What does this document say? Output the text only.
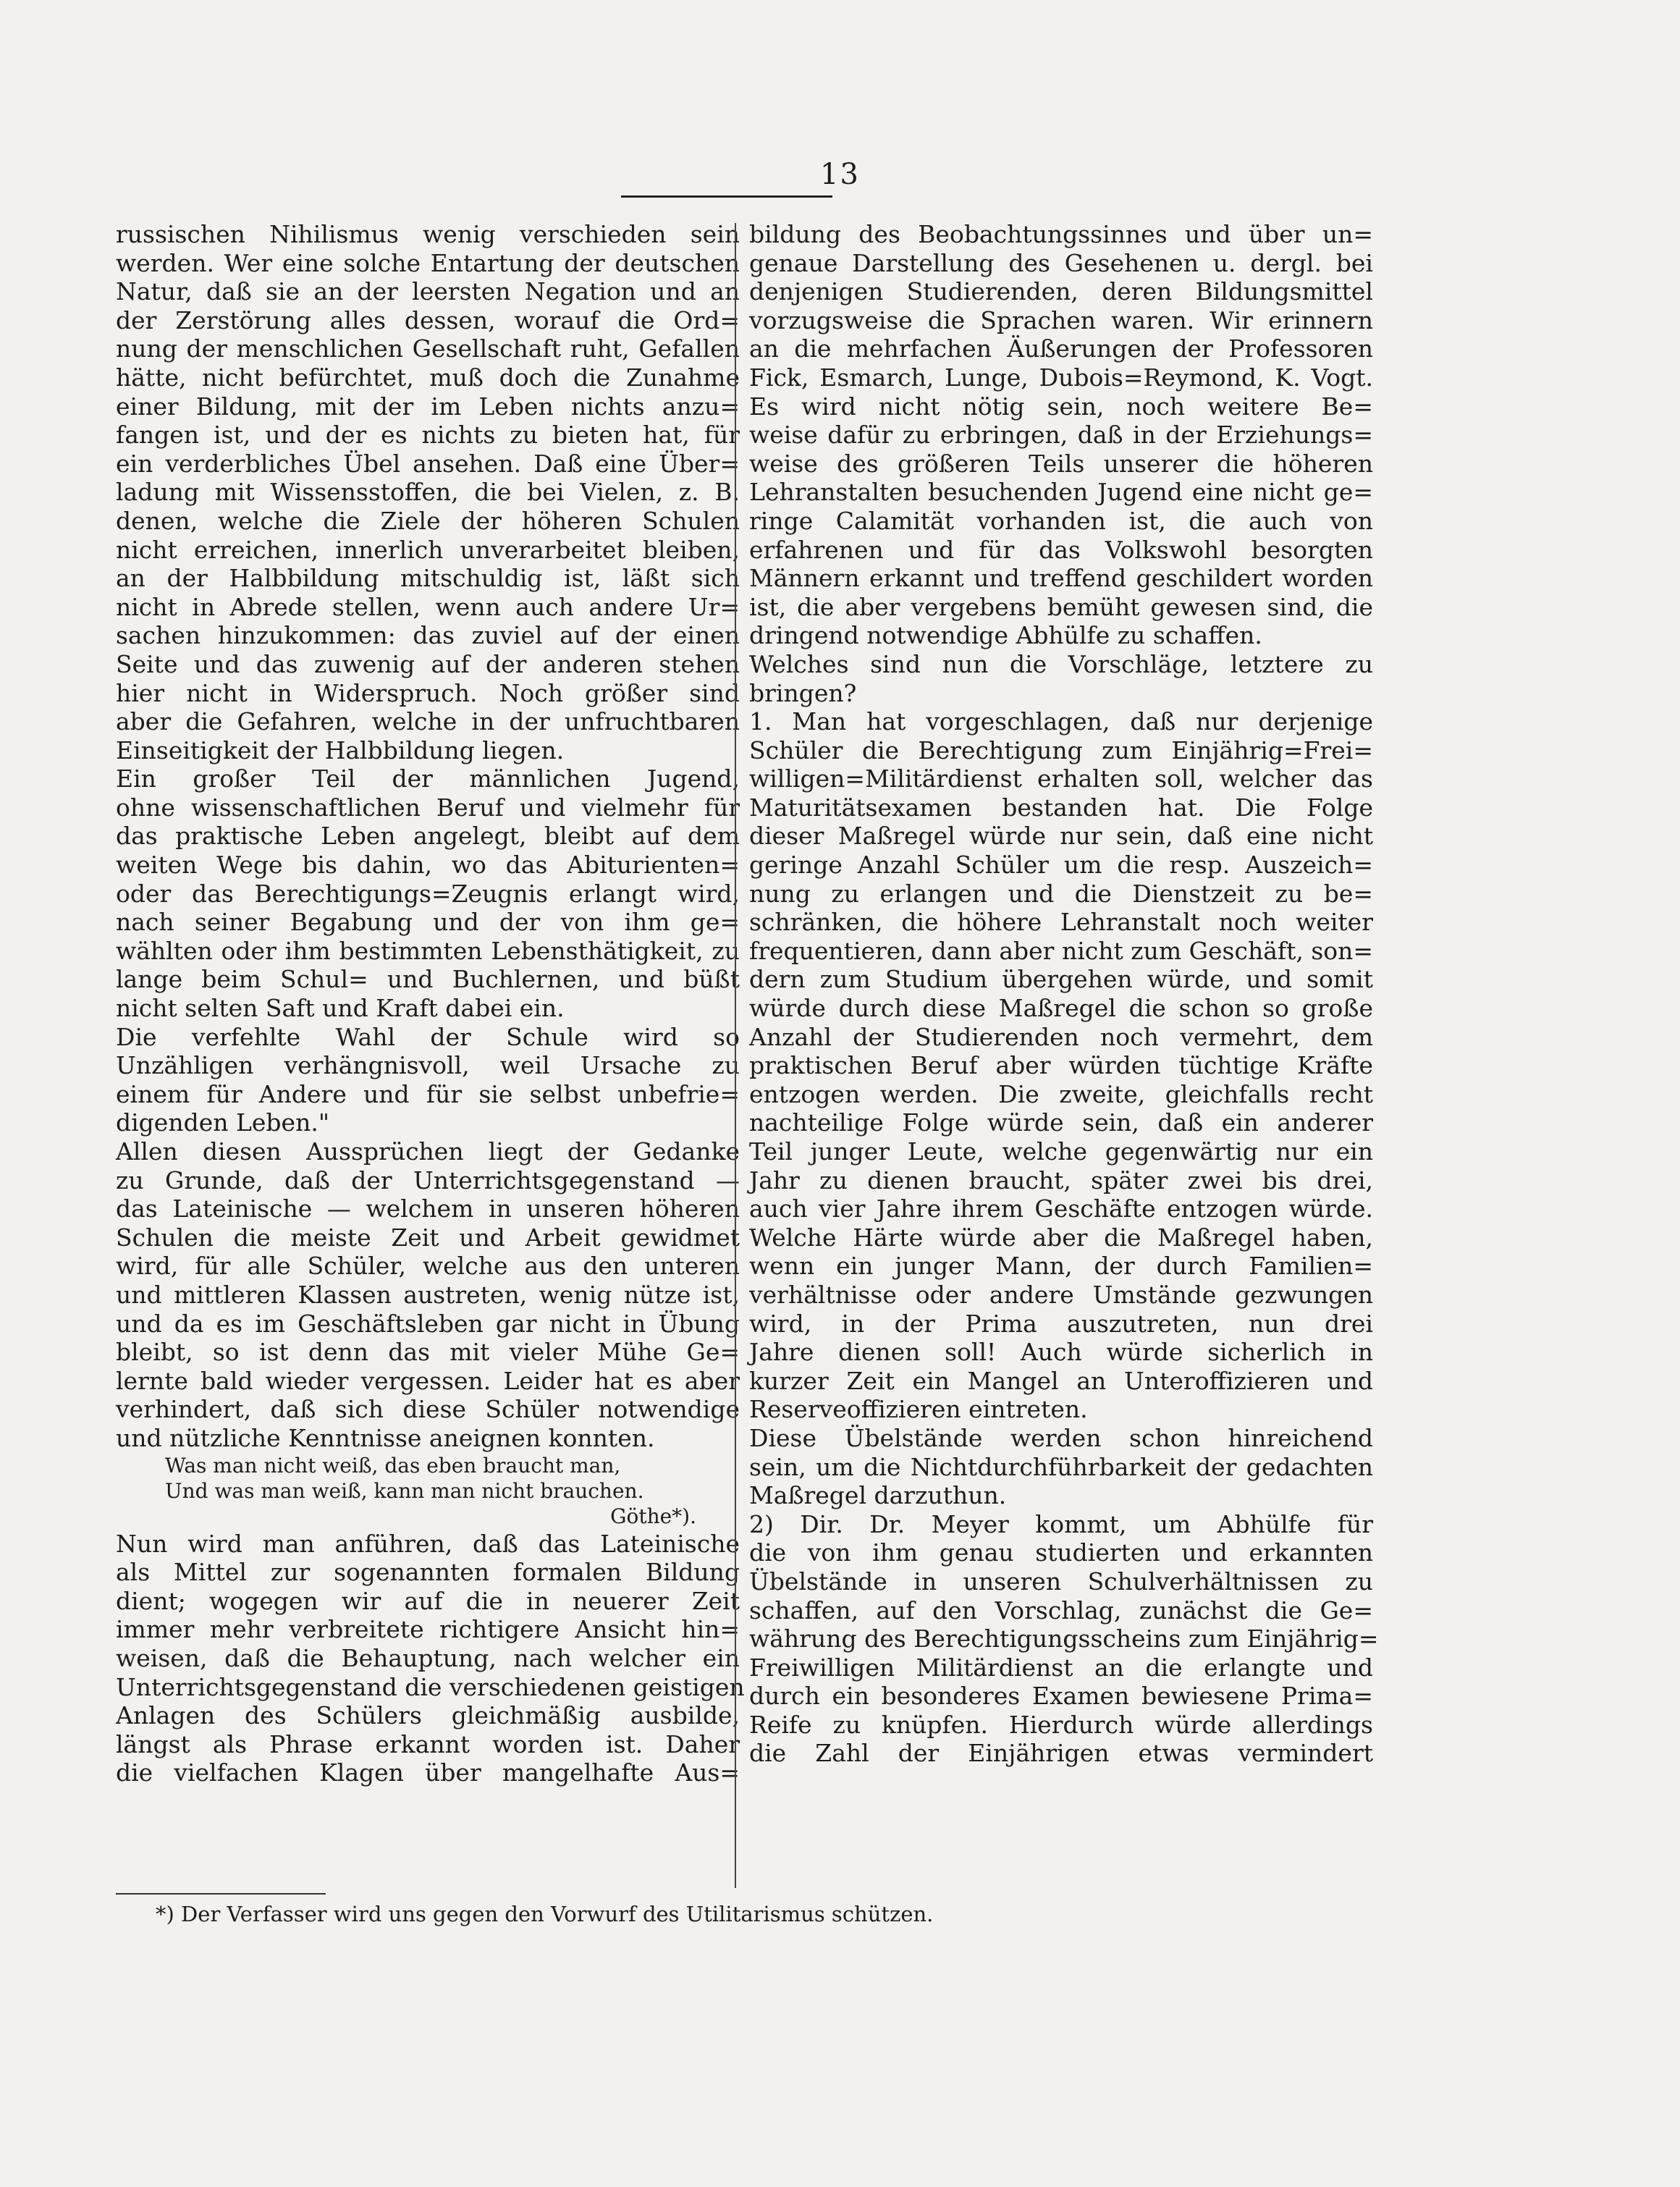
13
russischen Nihilismus wenig verschieden sein
werden. Wer eine solche Entartung der deutschen
Natur, daß sie an der leersten Negation und an
der Zerstörung alles dessen, worauf die Ord=
nung der menschlichen Gesellschaft ruht, Gefallen
hätte, nicht befürchtet, muß doch die Zunahme
einer Bildung, mit der im Leben nichts anzu=
fangen ist, und der es nichts zu bieten hat, für
ein verderbliches Übel ansehen. Daß eine Über=
ladung mit Wissensstoffen, die bei Vielen, z. B.
denen, welche die Ziele der höheren Schulen
nicht erreichen, innerlich unverarbeitet bleiben,
an der Halbbildung mitschuldig ist, läßt sich
nicht in Abrede stellen, wenn auch andere Ur=
sachen hinzukommen: das zuviel auf der einen
Seite und das zuwenig auf der anderen stehen
hier nicht in Widerspruch. Noch größer sind
aber die Gefahren, welche in der unfruchtbaren
Einseitigkeit der Halbbildung liegen.
Ein großer Teil der männlichen Jugend,
ohne wissenschaftlichen Beruf und vielmehr für
das praktische Leben angelegt, bleibt auf dem
weiten Wege bis dahin, wo das Abiturienten=
oder das Berechtigungs=Zeugnis erlangt wird,
nach seiner Begabung und der von ihm ge=
wählten oder ihm bestimmten Lebensthätigkeit, zu
lange beim Schul= und Buchlernen, und büßt
nicht selten Saft und Kraft dabei ein.
Die verfehlte Wahl der Schule wird so
Unzähligen verhängnisvoll, weil Ursache zu
einem für Andere und für sie selbst unbefrie=
digenden Leben."
Allen diesen Aussprüchen liegt der Gedanke
zu Grunde, daß der Unterrichtsgegenstand —
das Lateinische — welchem in unseren höheren
Schulen die meiste Zeit und Arbeit gewidmet
wird, für alle Schüler, welche aus den unteren
und mittleren Klassen austreten, wenig nütze ist,
und da es im Geschäftsleben gar nicht in Übung
bleibt, so ist denn das mit vieler Mühe Ge=
lernte bald wieder vergessen. Leider hat es aber
verhindert, daß sich diese Schüler notwendige
und nützliche Kenntnisse aneignen konnten.
Was man nicht weiß, das eben braucht man,
Und was man weiß, kann man nicht brauchen.
Göthe*).
Nun wird man anführen, daß das Lateinische
als Mittel zur sogenannten formalen Bildung
dient; wogegen wir auf die in neuerer Zeit
immer mehr verbreitete richtigere Ansicht hin=
weisen, daß die Behauptung, nach welcher ein
Unterrichtsgegenstand die verschiedenen geistigen
Anlagen des Schülers gleichmäßig ausbilde,
längst als Phrase erkannt worden ist. Daher
die vielfachen Klagen über mangelhafte Aus=
bildung des Beobachtungssinnes und über un=
genaue Darstellung des Gesehenen u. dergl. bei
denjenigen Studierenden, deren Bildungsmittel
vorzugsweise die Sprachen waren. Wir erinnern
an die mehrfachen Äußerungen der Professoren
Fick, Esmarch, Lunge, Dubois=Reymond, K. Vogt.
Es wird nicht nötig sein, noch weitere Be=
weise dafür zu erbringen, daß in der Erziehungs=
weise des größeren Teils unserer die höheren
Lehranstalten besuchenden Jugend eine nicht ge=
ringe Calamität vorhanden ist, die auch von
erfahrenen und für das Volkswohl besorgten
Männern erkannt und treffend geschildert worden
ist, die aber vergebens bemüht gewesen sind, die
dringend notwendige Abhülfe zu schaffen.
Welches sind nun die Vorschläge, letztere zu
bringen?
1. Man hat vorgeschlagen, daß nur derjenige
Schüler die Berechtigung zum Einjährig=Frei=
willigen=Militärdienst erhalten soll, welcher das
Maturitätsexamen bestanden hat. Die Folge
dieser Maßregel würde nur sein, daß eine nicht
geringe Anzahl Schüler um die resp. Auszeich=
nung zu erlangen und die Dienstzeit zu be=
schränken, die höhere Lehranstalt noch weiter
frequentieren, dann aber nicht zum Geschäft, son=
dern zum Studium übergehen würde, und somit
würde durch diese Maßregel die schon so große
Anzahl der Studierenden noch vermehrt, dem
praktischen Beruf aber würden tüchtige Kräfte
entzogen werden. Die zweite, gleichfalls recht
nachteilige Folge würde sein, daß ein anderer
Teil junger Leute, welche gegenwärtig nur ein
Jahr zu dienen braucht, später zwei bis drei,
auch vier Jahre ihrem Geschäfte entzogen würde.
Welche Härte würde aber die Maßregel haben,
wenn ein junger Mann, der durch Familien=
verhältnisse oder andere Umstände gezwungen
wird, in der Prima auszutreten, nun drei
Jahre dienen soll! Auch würde sicherlich in
kurzer Zeit ein Mangel an Unteroffizieren und
Reserveoffizieren eintreten.
Diese Übelstände werden schon hinreichend
sein, um die Nichtdurchführbarkeit der gedachten
Maßregel darzuthun.
2) Dir. Dr. Meyer kommt, um Abhülfe für
die von ihm genau studierten und erkannten
Übelstände in unseren Schulverhältnissen zu
schaffen, auf den Vorschlag, zunächst die Ge=
währung des Berechtigungsscheins zum Einjährig=
Freiwilligen Militärdienst an die erlangte und
durch ein besonderes Examen bewiesene Prima=
Reife zu knüpfen. Hierdurch würde allerdings
die Zahl der Einjährigen etwas vermindert
*) Der Verfasser wird uns gegen den Vorwurf des Utilitarismus schützen.
